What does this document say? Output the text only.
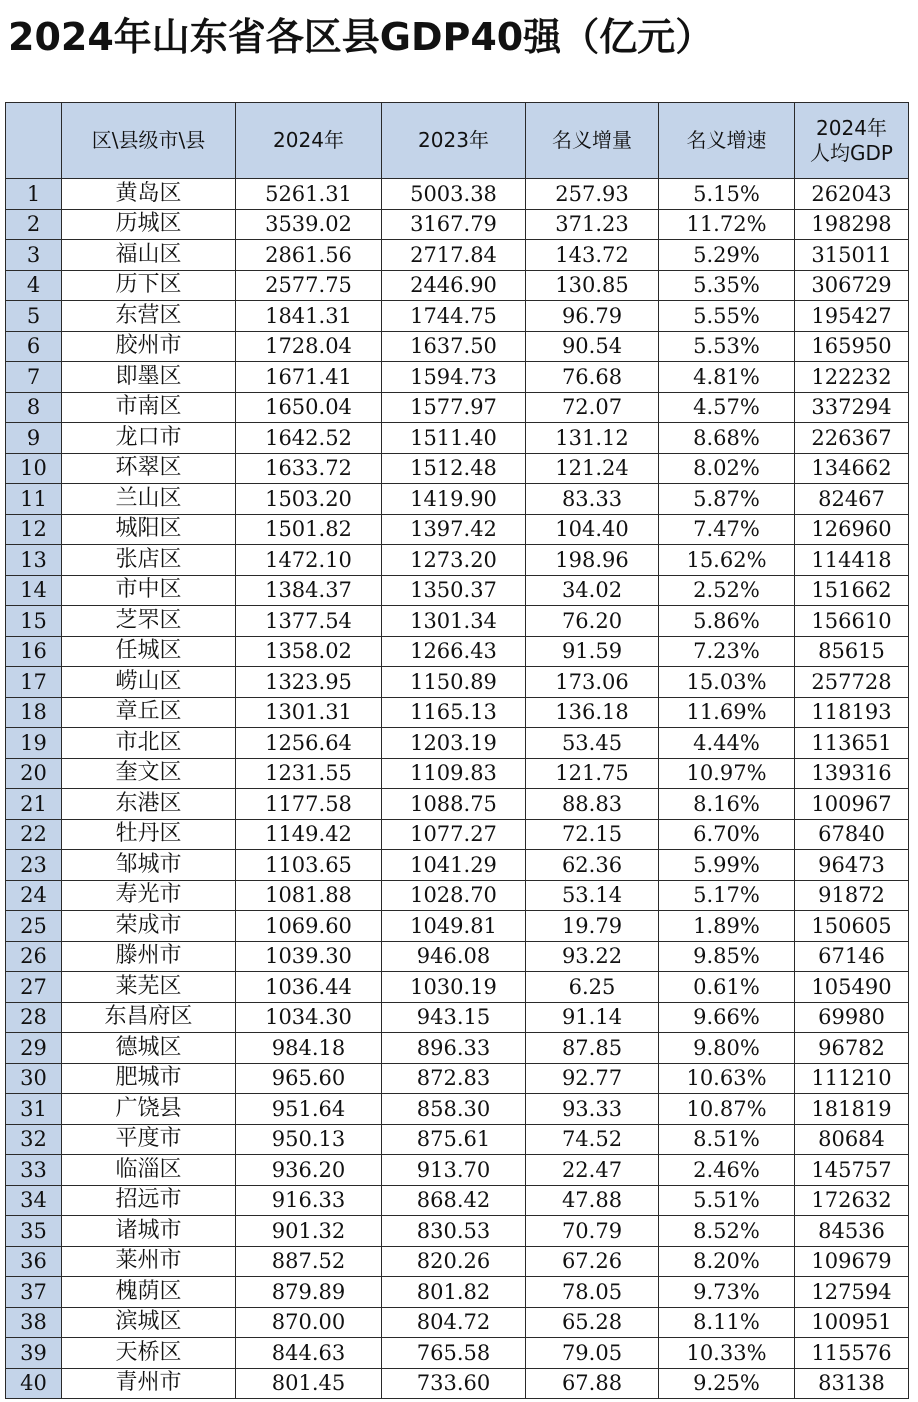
2024年山东省各区县GDP40强（亿元）
	区\县级市\县	2024年	2023年	名义增量	名义增速	2024年
人均GDP

1	黄岛区	5261.31	5003.38	257.93	5.15%	262043
2	历城区	3539.02	3167.79	371.23	11.72%	198298
3	福山区	2861.56	2717.84	143.72	5.29%	315011
4	历下区	2577.75	2446.90	130.85	5.35%	306729
5	东营区	1841.31	1744.75	96.79	5.55%	195427
6	胶州市	1728.04	1637.50	90.54	5.53%	165950
7	即墨区	1671.41	1594.73	76.68	4.81%	122232
8	市南区	1650.04	1577.97	72.07	4.57%	337294
9	龙口市	1642.52	1511.40	131.12	8.68%	226367
10	环翠区	1633.72	1512.48	121.24	8.02%	134662
11	兰山区	1503.20	1419.90	83.33	5.87%	82467
12	城阳区	1501.82	1397.42	104.40	7.47%	126960
13	张店区	1472.10	1273.20	198.96	15.62%	114418
14	市中区	1384.37	1350.37	34.02	2.52%	151662
15	芝罘区	1377.54	1301.34	76.20	5.86%	156610
16	任城区	1358.02	1266.43	91.59	7.23%	85615
17	崂山区	1323.95	1150.89	173.06	15.03%	257728
18	章丘区	1301.31	1165.13	136.18	11.69%	118193
19	市北区	1256.64	1203.19	53.45	4.44%	113651
20	奎文区	1231.55	1109.83	121.75	10.97%	139316
21	东港区	1177.58	1088.75	88.83	8.16%	100967
22	牡丹区	1149.42	1077.27	72.15	6.70%	67840
23	邹城市	1103.65	1041.29	62.36	5.99%	96473
24	寿光市	1081.88	1028.70	53.14	5.17%	91872
25	荣成市	1069.60	1049.81	19.79	1.89%	150605
26	滕州市	1039.30	946.08	93.22	9.85%	67146
27	莱芜区	1036.44	1030.19	6.25	0.61%	105490
28	东昌府区	1034.30	943.15	91.14	9.66%	69980
29	德城区	984.18	896.33	87.85	9.80%	96782
30	肥城市	965.60	872.83	92.77	10.63%	111210
31	广饶县	951.64	858.30	93.33	10.87%	181819
32	平度市	950.13	875.61	74.52	8.51%	80684
33	临淄区	936.20	913.70	22.47	2.46%	145757
34	招远市	916.33	868.42	47.88	5.51%	172632
35	诸城市	901.32	830.53	70.79	8.52%	84536
36	莱州市	887.52	820.26	67.26	8.20%	109679
37	槐荫区	879.89	801.82	78.05	9.73%	127594
38	滨城区	870.00	804.72	65.28	8.11%	100951
39	天桥区	844.63	765.58	79.05	10.33%	115576
40	青州市	801.45	733.60	67.88	9.25%	83138
